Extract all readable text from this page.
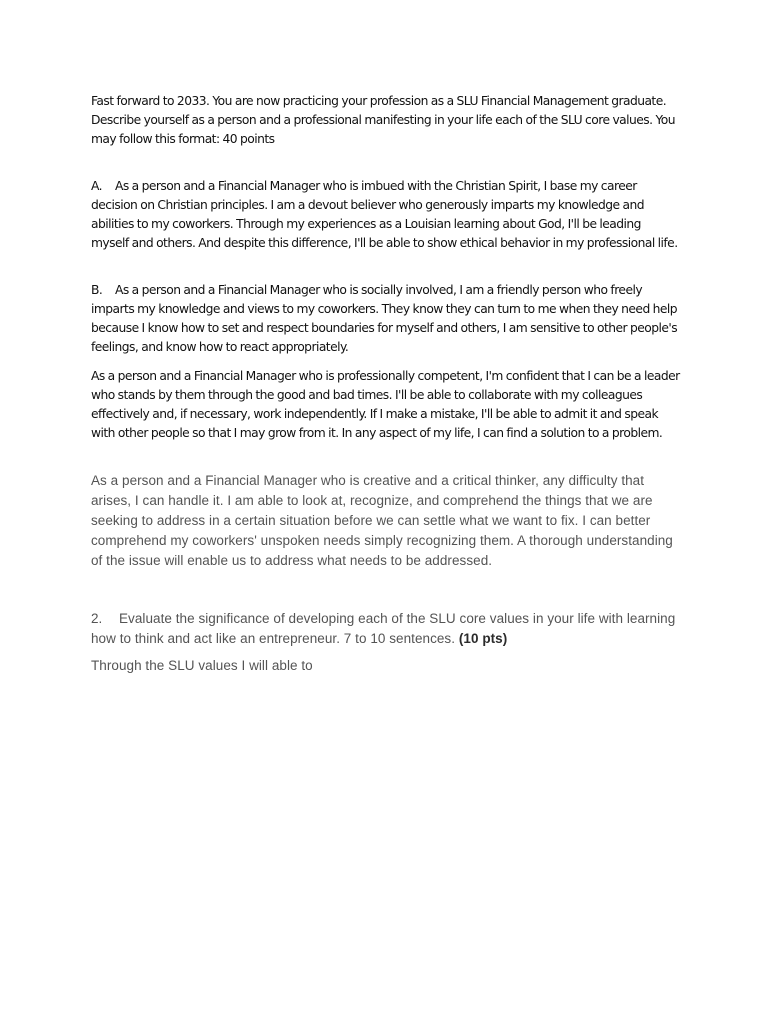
Fast forward to 2033. You are now practicing your profession as a SLU Financial Management graduate. Describe yourself as a person and a professional manifesting in your life each of the SLU core values. You may follow this format: 40 points

A. As a person and a Financial Manager who is imbued with the Christian Spirit, I base my career decision on Christian principles. I am a devout believer who generously imparts my knowledge and abilities to my coworkers. Through my experiences as a Louisian learning about God, I'll be leading myself and others. And despite this difference, I'll be able to show ethical behavior in my professional life.

B. As a person and a Financial Manager who is socially involved, I am a friendly person who freely imparts my knowledge and views to my coworkers. They know they can turn to me when they need help because I know how to set and respect boundaries for myself and others, I am sensitive to other people's feelings, and know how to react appropriately.

As a person and a Financial Manager who is professionally competent, I'm confident that I can be a leader who stands by them through the good and bad times. I'll be able to collaborate with my colleagues effectively and, if necessary, work independently. If I make a mistake, I'll be able to admit it and speak with other people so that I may grow from it. In any aspect of my life, I can find a solution to a problem.

As a person and a Financial Manager who is creative and a critical thinker, any difficulty that arises, I can handle it. I am able to look at, recognize, and comprehend the things that we are seeking to address in a certain situation before we can settle what we want to fix. I can better comprehend my coworkers' unspoken needs simply recognizing them. A thorough understanding of the issue will enable us to address what needs to be addressed.

2. Evaluate the significance of developing each of the SLU core values in your life with learning how to think and act like an entrepreneur. 7 to 10 sentences. (10 pts)

Through the SLU values I will able to
